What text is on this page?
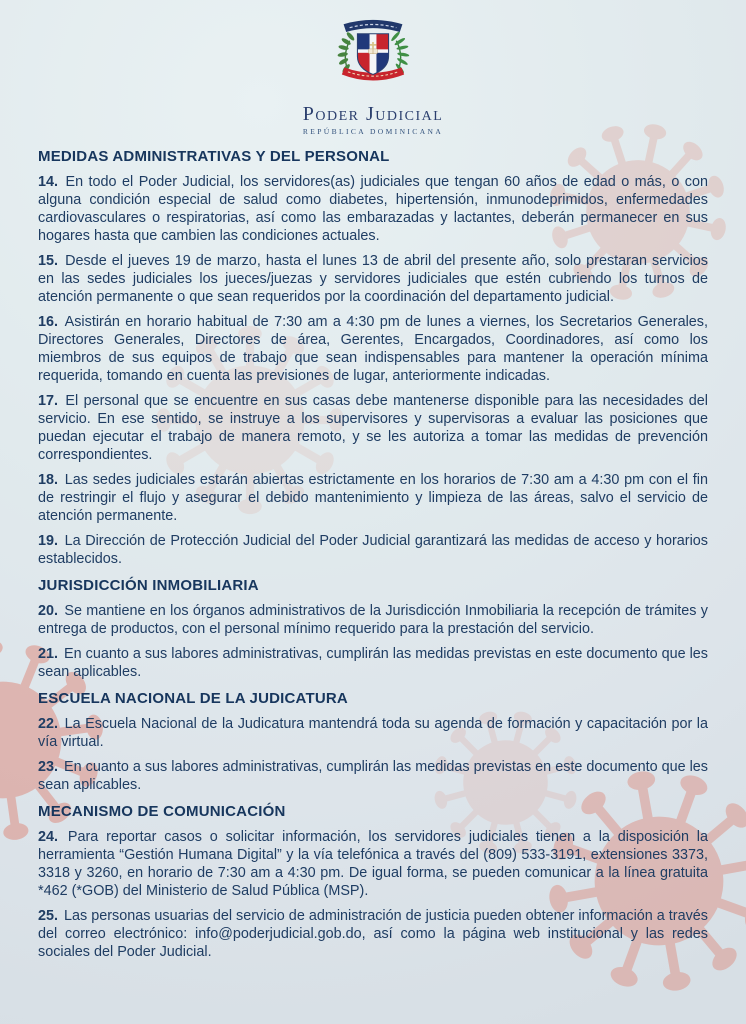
Poder Judicial
REPÚBLICA DOMINICANA
MEDIDAS ADMINISTRATIVAS Y DEL PERSONAL

14. En todo el Poder Judicial, los servidores(as) judiciales que tengan 60 años de edad o más, o con alguna condición especial de salud como diabetes, hipertensión, inmunodeprimidos, enfermedades cardiovasculares o respiratorias, así como las embarazadas y lactantes, deberán permanecer en sus hogares hasta que cambien las condiciones actuales.

15. Desde el jueves 19 de marzo, hasta el lunes 13 de abril del presente año, solo prestaran servicios en las sedes judiciales los jueces/juezas y servidores judiciales que estén cubriendo los turnos de atención permanente o que sean requeridos por la coordinación del departamento judicial.

16. Asistirán en horario habitual de 7:30 am a 4:30 pm de lunes a viernes, los Secretarios Generales, Directores Generales, Directores de área, Gerentes, Encargados, Coordinadores, así como los miembros de sus equipos de trabajo que sean indispensables para mantener la operación mínima requerida, tomando en cuenta las previsiones de lugar, anteriormente indicadas.

17. El personal que se encuentre en sus casas debe mantenerse disponible para las necesidades del servicio. En ese sentido, se instruye a los supervisores y supervisoras a evaluar las posiciones que puedan ejecutar el trabajo de manera remoto, y se les autoriza a tomar las medidas de prevención correspondientes.

18. Las sedes judiciales estarán abiertas estrictamente en los horarios de 7:30 am a 4:30 pm con el fin de restringir el flujo y asegurar el debido mantenimiento y limpieza de las áreas, salvo el servicio de atención permanente.

19. La Dirección de Protección Judicial del Poder Judicial garantizará las medidas de acceso y horarios establecidos.

JURISDICCIÓN INMOBILIARIA

20. Se mantiene en los órganos administrativos de la Jurisdicción Inmobiliaria la recepción de trámites y entrega de productos, con el personal mínimo requerido para la prestación del servicio.

21. En cuanto a sus labores administrativas, cumplirán las medidas previstas en este documento que les sean aplicables.

ESCUELA NACIONAL DE LA JUDICATURA

22. La Escuela Nacional de la Judicatura mantendrá toda su agenda de formación y capacitación por la vía virtual.

23. En cuanto a sus labores administrativas, cumplirán las medidas previstas en este documento que les sean aplicables.

MECANISMO DE COMUNICACIÓN

24. Para reportar casos o solicitar información, los servidores judiciales tienen a la disposición la herramienta “Gestión Humana Digital” y la vía telefónica a través del (809) 533-3191, extensiones 3373, 3318 y 3260, en horario de 7:30 am a 4:30 pm. De igual forma, se pueden comunicar a la línea gratuita *462 (*GOB) del Ministerio de Salud Pública (MSP).

25. Las personas usuarias del servicio de administración de justicia pueden obtener información a través del correo electrónico: info@poderjudicial.gob.do, así como la página web institucional y las redes sociales del Poder Judicial.
